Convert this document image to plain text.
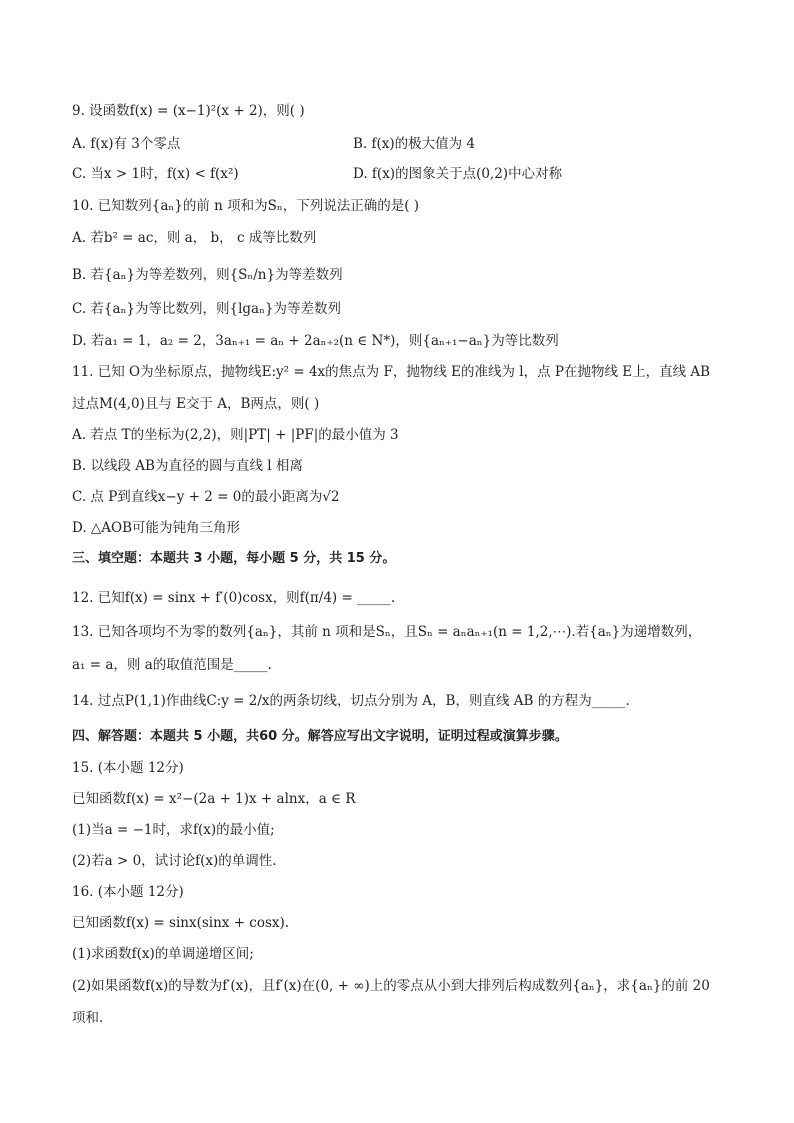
9. 设函数f(x) = (x−1)²(x + 2)，则( )
A. f(x)有 3个零点	B. f(x)的极大值为 4
C. 当x > 1时，f(x) < f(x²)	D. f(x)的图象关于点(0,2)中心对称
10. 已知数列{aₙ}的前 n 项和为Sₙ，下列说法正确的是( )
A. 若b² = ac，则 a， b， c 成等比数列
B. 若{aₙ}为等差数列，则{Sₙ/n}为等差数列
C. 若{aₙ}为等比数列，则{lgaₙ}为等差数列
D. 若a₁ = 1，a₂ = 2，3aₙ₊₁ = aₙ + 2aₙ₊₂(n ∈ N*)，则{aₙ₊₁−aₙ}为等比数列
11. 已知 O为坐标原点，抛物线E:y² = 4x的焦点为 F，抛物线 E的准线为 l，点 P在抛物线 E上，直线 AB
过点M(4,0)且与 E交于 A，B两点，则( )
A. 若点 T的坐标为(2,2)，则|PT| + |PF|的最小值为 3
B. 以线段 AB为直径的圆与直线 l 相离
C. 点 P到直线x−y + 2 = 0的最小距离为√2
D. △AOB可能为钝角三角形
三、填空题：本题共 3 小题，每小题 5 分，共 15 分。
12. 已知f(x) = sinx + f′(0)cosx，则f(π/4) = _____.
13. 已知各项均不为零的数列{aₙ}，其前 n 项和是Sₙ，且Sₙ = aₙaₙ₊₁(n = 1,2,⋯).若{aₙ}为递增数列，
a₁ = a，则 a的取值范围是_____.
14. 过点P(1,1)作曲线C:y = 2/x的两条切线，切点分别为 A，B，则直线 AB 的方程为_____.
四、解答题：本题共 5 小题，共60 分。解答应写出文字说明，证明过程或演算步骤。
15. (本小题 12分)
已知函数f(x) = x²−(2a + 1)x + alnx，a ∈ R
(1)当a = −1时，求f(x)的最小值;
(2)若a > 0，试讨论f(x)的单调性.
16. (本小题 12分)
已知函数f(x) = sinx(sinx + cosx).
(1)求函数f(x)的单调递增区间;
(2)如果函数f(x)的导数为f′(x)，且f′(x)在(0, + ∞)上的零点从小到大排列后构成数列{aₙ}，求{aₙ}的前 20
项和.
